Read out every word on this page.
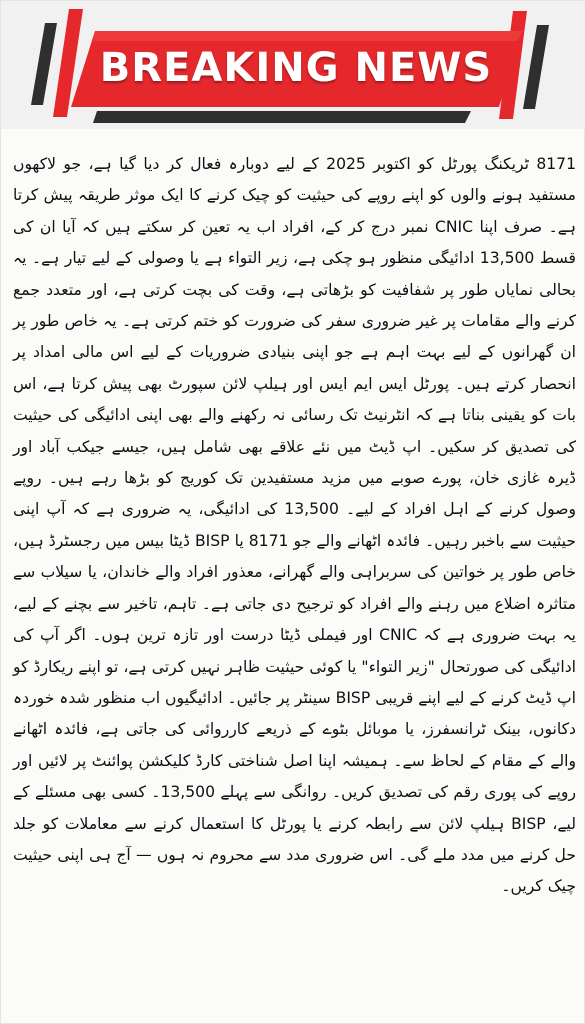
BREAKING NEWS

8171 ٹریکنگ پورٹل کو اکتوبر 2025 کے لیے دوبارہ فعال کر دیا گیا ہے، جو لاکھوں مستفید ہونے والوں کو اپنے روپے کی حیثیت کو چیک کرنے کا ایک موثر طریقہ پیش کرتا ہے۔ صرف اپنا CNIC نمبر درج کر کے، افراد اب یہ تعین کر سکتے ہیں کہ آیا ان کی قسط 13,500 ادائیگی منظور ہو چکی ہے، زیر التواء ہے یا وصولی کے لیے تیار ہے۔ یہ بحالی نمایاں طور پر شفافیت کو بڑھاتی ہے، وقت کی بچت کرتی ہے، اور متعدد جمع کرنے والے مقامات پر غیر ضروری سفر کی ضرورت کو ختم کرتی ہے۔ یہ خاص طور پر ان گھرانوں کے لیے بہت اہم ہے جو اپنی بنیادی ضروریات کے لیے اس مالی امداد پر انحصار کرتے ہیں۔ پورٹل ایس ایم ایس اور ہیلپ لائن سپورٹ بھی پیش کرتا ہے، اس بات کو یقینی بناتا ہے کہ انٹرنیٹ تک رسائی نہ رکھنے والے بھی اپنی ادائیگی کی حیثیت کی تصدیق کر سکیں۔ اپ ڈیٹ میں نئے علاقے بھی شامل ہیں، جیسے جیکب آباد اور ڈیرہ غازی خان، پورے صوبے میں مزید مستفیدین تک کوریج کو بڑھا رہے ہیں۔ روپے وصول کرنے کے اہل افراد کے لیے۔ 13,500 کی ادائیگی، یہ ضروری ہے کہ آپ اپنی حیثیت سے باخبر رہیں۔ فائدہ اٹھانے والے جو 8171 یا BISP ڈیٹا بیس میں رجسٹرڈ ہیں، خاص طور پر خواتین کی سربراہی والے گھرانے، معذور افراد والے خاندان، یا سیلاب سے متاثرہ اضلاع میں رہنے والے افراد کو ترجیح دی جاتی ہے۔ تاہم، تاخیر سے بچنے کے لیے، یہ بہت ضروری ہے کہ CNIC اور فیملی ڈیٹا درست اور تازہ ترین ہوں۔ اگر آپ کی ادائیگی کی صورتحال "زیر التواء" یا کوئی حیثیت ظاہر نہیں کرتی ہے، تو اپنے ریکارڈ کو اپ ڈیٹ کرنے کے لیے اپنے قریبی BISP سینٹر پر جائیں۔ ادائیگیوں اب منظور شدہ خوردہ دکانوں، بینک ٹرانسفرز، یا موبائل بٹوے کے ذریعے کارروائی کی جاتی ہے، فائدہ اٹھانے والے کے مقام کے لحاظ سے۔ ہمیشہ اپنا اصل شناختی کارڈ کلیکشن پوائنٹ پر لائیں اور روپے کی پوری رقم کی تصدیق کریں۔ روانگی سے پہلے 13,500۔ کسی بھی مسئلے کے لیے، BISP ہیلپ لائن سے رابطہ کرنے یا پورٹل کا استعمال کرنے سے معاملات کو جلد حل کرنے میں مدد ملے گی۔ اس ضروری مدد سے محروم نہ ہوں — آج ہی اپنی حیثیت چیک کریں۔
